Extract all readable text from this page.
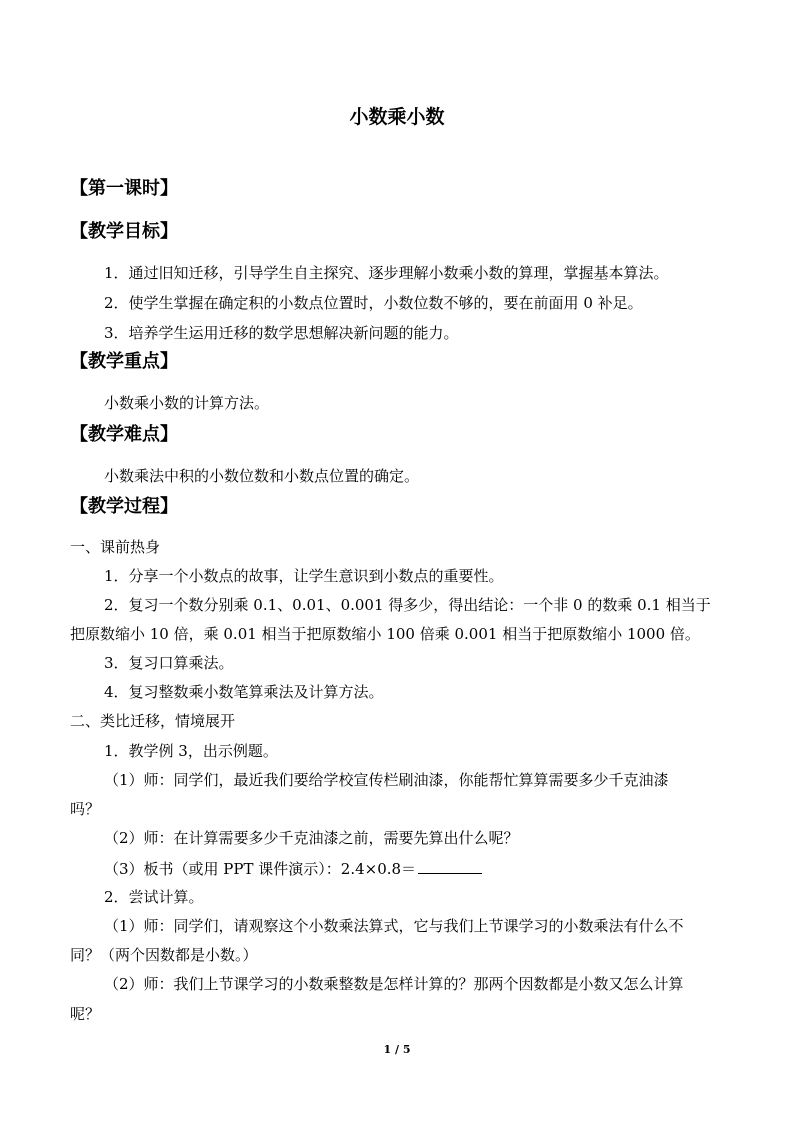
小数乘小数
【第一课时】
【教学目标】
1．通过旧知迁移，引导学生自主探究、逐步理解小数乘小数的算理，掌握基本算法。
2．使学生掌握在确定积的小数点位置时，小数位数不够的，要在前面用 0 补足。
3．培养学生运用迁移的数学思想解决新问题的能力。
【教学重点】
小数乘小数的计算方法。
【教学难点】
小数乘法中积的小数位数和小数点位置的确定。
【教学过程】
一、课前热身
1．分享一个小数点的故事，让学生意识到小数点的重要性。
2．复习一个数分别乘 0.1、0.01、0.001 得多少，得出结论：一个非 0 的数乘 0.1 相当于
把原数缩小 10 倍，乘 0.01 相当于把原数缩小 100 倍乘 0.001 相当于把原数缩小 1000 倍。
3．复习口算乘法。
4．复习整数乘小数笔算乘法及计算方法。
二、类比迁移，情境展开
1．教学例 3，出示例题。
（1）师：同学们，最近我们要给学校宣传栏刷油漆，你能帮忙算算需要多少千克油漆
吗？
（2）师：在计算需要多少千克油漆之前，需要先算出什么呢？
（3）板书（或用 PPT 课件演示）：2.4×0.8＝
2．尝试计算。
（1）师：同学们，请观察这个小数乘法算式，它与我们上节课学习的小数乘法有什么不
同？（两个因数都是小数。）
（2）师：我们上节课学习的小数乘整数是怎样计算的？那两个因数都是小数又怎么计算
呢？
1 / 5
